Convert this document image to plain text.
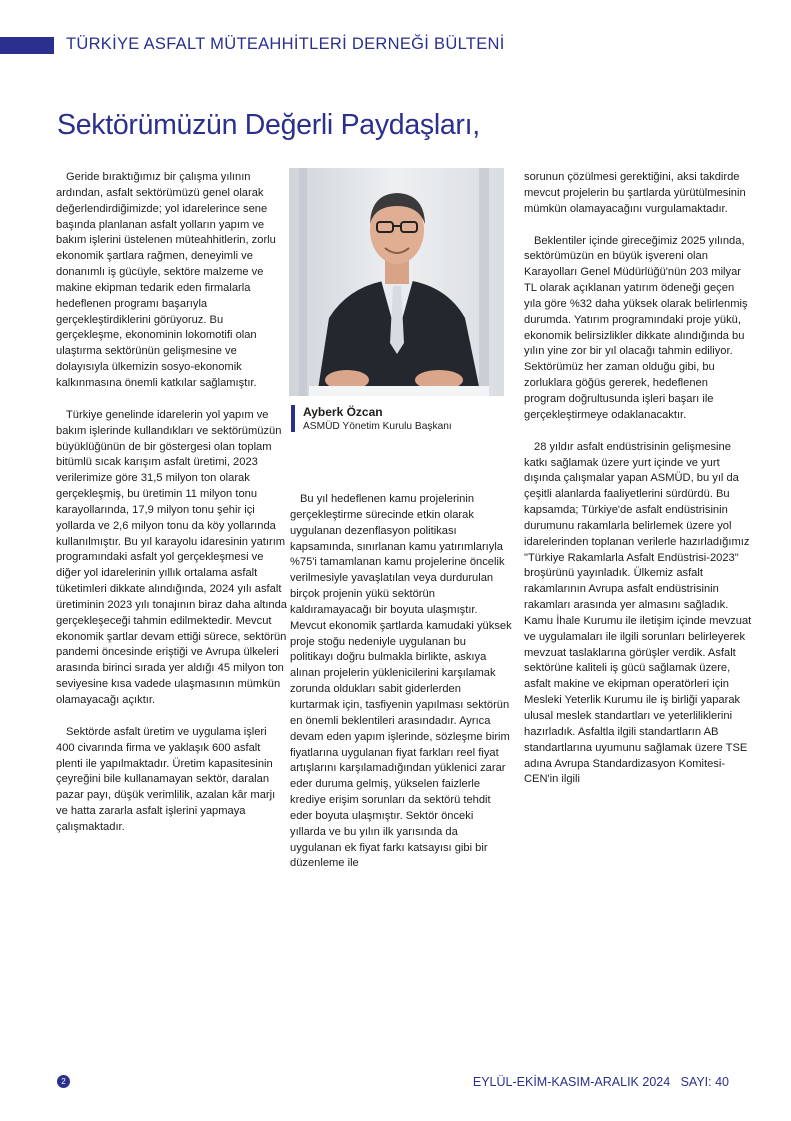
TÜRKİYE ASFALT MÜTEAHHİTLERİ DERNEĞİ BÜLTENİ
Sektörümüzün Değerli Paydaşları,

Geride bıraktığımız bir çalışma yılının ardından, asfalt sektörümüzü genel olarak değerlendirdiğimizde; yol idarelerince sene başında planlanan asfalt yolların yapım ve bakım işlerini üstelenen müteahhitlerin, zorlu ekonomik şartlara rağmen, deneyimli ve donanımlı iş gücüyle, sektöre malzeme ve makine ekipman tedarik eden firmalarla hedeflenen programı başarıyla gerçekleştirdiklerini görüyoruz. Bu gerçekleşme, ekonominin lokomotifi olan ulaştırma sektörünün gelişmesine ve dolayısıyla ülkemizin sosyo-ekonomik kalkınmasına önemli katkılar sağlamıştır.

Türkiye genelinde idarelerin yol yapım ve bakım işlerinde kullandıkları ve sektörümüzün büyüklüğünün de bir göstergesi olan toplam bitümlü sıcak karışım asfalt üretimi, 2023 verilerimize göre 31,5 milyon ton olarak gerçekleşmiş, bu üretimin 11 milyon tonu karayollarında, 17,9 milyon tonu şehir içi yollarda ve 2,6 milyon tonu da köy yollarında kullanılmıştır. Bu yıl karayolu idaresinin yatırım programındaki asfalt yol gerçekleşmesi ve diğer yol idarelerinin yıllık ortalama asfalt tüketimleri dikkate alındığında, 2024 yılı asfalt üretiminin 2023 yılı tonajının biraz daha altında gerçekleşeceği tahmin edilmektedir. Mevcut ekonomik şartlar devam ettiği sürece, sektörün pandemi öncesinde eriştiği ve Avrupa ülkeleri arasında birinci sırada yer aldığı 45 milyon ton seviyesine kısa vadede ulaşmasının mümkün olamayacağı açıktır.

Sektörde asfalt üretim ve uygulama işleri 400 civarında firma ve yaklaşık 600 asfalt plenti ile yapılmaktadır. Üretim kapasitesinin çeyreğini bile kullanamayan sektör, daralan pazar payı, düşük verimlilik, azalan kâr marjı ve hatta zararla asfalt işlerini yapmaya çalışmaktadır.

Ayberk Özcan
ASMÜD Yönetim Kurulu Başkanı

Bu yıl hedeflenen kamu projelerinin gerçekleştirme sürecinde etkin olarak uygulanan dezenflasyon politikası kapsamında, sınırlanan kamu yatırımlarıyla %75'i tamamlanan kamu projelerine öncelik verilmesiyle yavaşlatılan veya durdurulan birçok projenin yükü sektörün kaldıramayacağı bir boyuta ulaşmıştır. Mevcut ekonomik şartlarda kamudaki yüksek proje stoğu nedeniyle uygulanan bu politikayı doğru bulmakla birlikte, askıya alınan projelerin yüklenicilerini karşılamak zorunda oldukları sabit giderlerden kurtarmak için, tasfiyenin yapılması sektörün en önemli beklentileri arasındadır. Ayrıca devam eden yapım işlerinde, sözleşme birim fiyatlarına uygulanan fiyat farkları reel fiyat artışlarını karşılamadığından yüklenici zarar eder duruma gelmiş, yükselen faizlerle krediye erişim sorunları da sektörü tehdit eder boyuta ulaşmıştır. Sektör önceki yıllarda ve bu yılın ilk yarısında da uygulanan ek fiyat farkı katsayısı gibi bir düzenleme ile

sorunun çözülmesi gerektiğini, aksi takdirde mevcut projelerin bu şartlarda yürütülmesinin mümkün olamayacağını vurgulamaktadır.

Beklentiler içinde gireceğimiz 2025 yılında, sektörümüzün en büyük işvereni olan Karayolları Genel Müdürlüğü'nün 203 milyar TL olarak açıklanan yatırım ödeneği geçen yıla göre %32 daha yüksek olarak belirlenmiş durumda. Yatırım programındaki proje yükü, ekonomik belirsizlikler dikkate alındığında bu yılın yine zor bir yıl olacağı tahmin ediliyor. Sektörümüz her zaman olduğu gibi, bu zorluklara göğüs gererek, hedeflenen program doğrultusunda işleri başarı ile gerçekleştirmeye odaklanacaktır.

28 yıldır asfalt endüstrisinin gelişmesine katkı sağlamak üzere yurt içinde ve yurt dışında çalışmalar yapan ASMÜD, bu yıl da çeşitli alanlarda faaliyetlerini sürdürdü. Bu kapsamda; Türkiye'de asfalt endüstrisinin durumunu rakamlarla belirlemek üzere yol idarelerinden toplanan verilerle hazırladığımız "Türkiye Rakamlarla Asfalt Endüstrisi-2023" broşürünü yayınladık. Ülkemiz asfalt rakamlarının Avrupa asfalt endüstrisinin rakamları arasında yer almasını sağladık. Kamu İhale Kurumu ile iletişim içinde mevzuat ve uygulamaları ile ilgili sorunları belirleyerek mevzuat taslaklarına görüşler verdik. Asfalt sektörüne kaliteli iş gücü sağlamak üzere, asfalt makine ve ekipman operatörleri için Mesleki Yeterlik Kurumu ile iş birliği yaparak ulusal meslek standartları ve yeterliliklerini hazırladık. Asfaltla ilgili standartların AB standartlarına uyumunu sağlamak üzere TSE adına Avrupa Standardizasyon Komitesi-CEN'in ilgili

2	EYLÜL-EKİM-KASIM-ARALIK 2024   SAYI: 40
